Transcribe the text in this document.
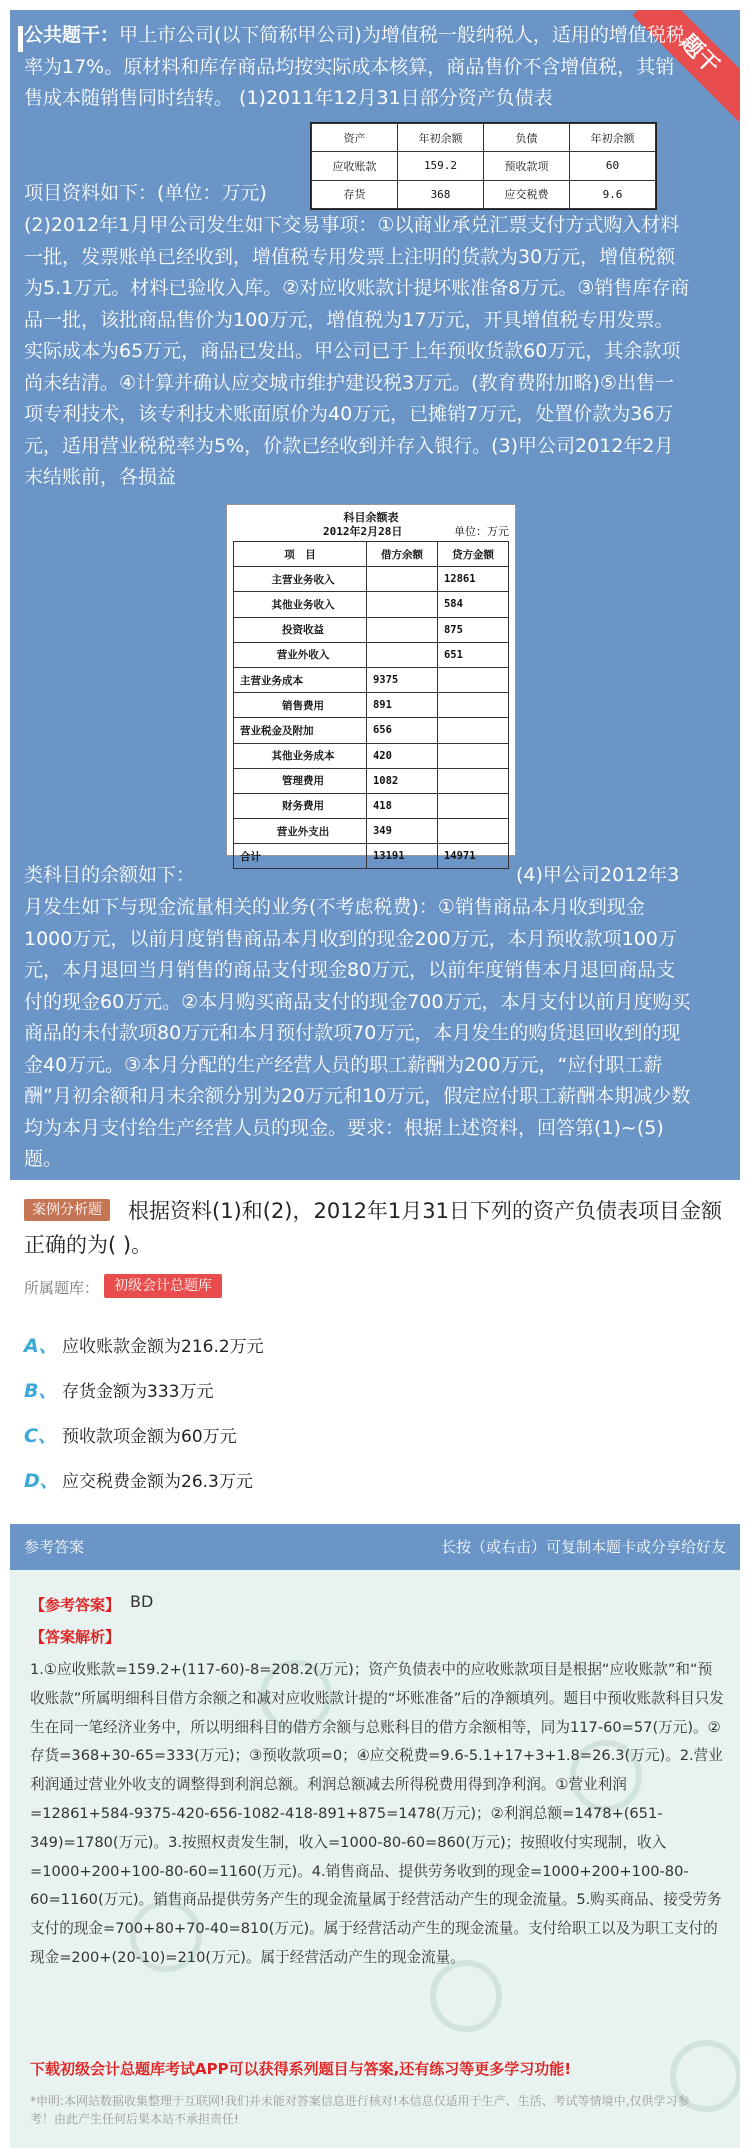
题干

公共题干：甲上市公司(以下简称甲公司)为增值税一般纳税人，适用的增值税税率为17%。原材料和库存商品均按实际成本核算，商品售价不含增值税，其销售成本随销售同时结转。 (1)2011年12月31日部分资产负债表

资产	年初余额	负债	年初余额
应收账款	159.2	预收款项	60
存货	368	应交税费	9.6

项目资料如下：(单位：万元)

(2)2012年1月甲公司发生如下交易事项：①以商业承兑汇票支付方式购入材料一批，发票账单已经收到，增值税专用发票上注明的货款为30万元，增值税额为5.1万元。材料已验收入库。②对应收账款计提坏账准备8万元。③销售库存商品一批，该批商品售价为100万元，增值税为17万元，开具增值税专用发票。实际成本为65万元，商品已发出。甲公司已于上年预收货款60万元，其余款项尚未结清。④计算并确认应交城市维护建设税3万元。(教育费附加略)⑤出售一项专利技术，该专利技术账面原价为40万元，已摊销7万元，处置价款为36万元，适用营业税税率为5%，价款已经收到并存入银行。(3)甲公司2012年2月末结账前，各损益

科目余额表
2012年2月28日	单位：万元
项　目	借方余额	贷方金额
主营业务收入		12861
其他业务收入		584
投资收益		875
营业外收入		651
主营业务成本	9375	
销售费用	891	
营业税金及附加	656	
其他业务成本	420	
管理费用	1082	
财务费用	418	
营业外支出	349	
合计	13191	14971

类科目的余额如下：	(4)甲公司2012年3

月发生如下与现金流量相关的业务(不考虑税费)：①销售商品本月收到现金1000万元，以前月度销售商品本月收到的现金200万元，本月预收款项100万元，本月退回当月销售的商品支付现金80万元，以前年度销售本月退回商品支付的现金60万元。②本月购买商品支付的现金700万元，本月支付以前月度购买商品的未付款项80万元和本月预付款项70万元，本月发生的购货退回收到的现金40万元。③本月分配的生产经营人员的职工薪酬为200万元，“应付职工薪酬”月初余额和月末余额分别为20万元和10万元，假定应付职工薪酬本期减少数均为本月支付给生产经营人员的现金。要求：根据上述资料，回答第(1)~(5)题。

根据资料(1)和(2)，2012年1月31日下列的资产负债表项目金额正确的为( )。
案例分析题
所属题库：	初级会计总题库
A、 应收账款金额为216.2万元
B、 存货金额为333万元
C、 预收款项金额为60万元
D、 应交税费金额为26.3万元
参考答案	长按（或右击）可复制本题卡或分享给好友
【参考答案】 BD
【答案解析】
1.①应收账款=159.2+(117-60)-8=208.2(万元)；资产负债表中的应收账款项目是根据“应收账款”和“预收账款”所属明细科目借方余额之和减对应收账款计提的“坏账准备”后的净额填列。题目中预收账款科目只发生在同一笔经济业务中，所以明细科目的借方余额与总账科目的借方余额相等，同为117-60=57(万元)。②存货=368+30-65=333(万元)；③预收款项=0；④应交税费=9.6-5.1+17+3+1.8=26.3(万元)。2.营业利润通过营业外收支的调整得到利润总额。利润总额减去所得税费用得到净利润。①营业利润=12861+584-9375-420-656-1082-418-891+875=1478(万元)；②利润总额=1478+(651-349)=1780(万元)。3.按照权责发生制，收入=1000-80-60=860(万元)；按照收付实现制，收入=1000+200+100-80-60=1160(万元)。4.销售商品、提供劳务收到的现金=1000+200+100-80-60=1160(万元)。销售商品提供劳务产生的现金流量属于经营活动产生的现金流量。5.购买商品、接受劳务支付的现金=700+80+70-40=810(万元)。属于经营活动产生的现金流量。支付给职工以及为职工支付的现金=200+(20-10)=210(万元)。属于经营活动产生的现金流量。
下载初级会计总题库考试APP可以获得系列题目与答案,还有练习等更多学习功能!
*申明:本网站数据收集整理于互联网!我们并未能对答案信息进行核对!本信息仅适用于生产、生活、考试等情境中,仅供学习参考！由此产生任何后果本站不承担责任!
